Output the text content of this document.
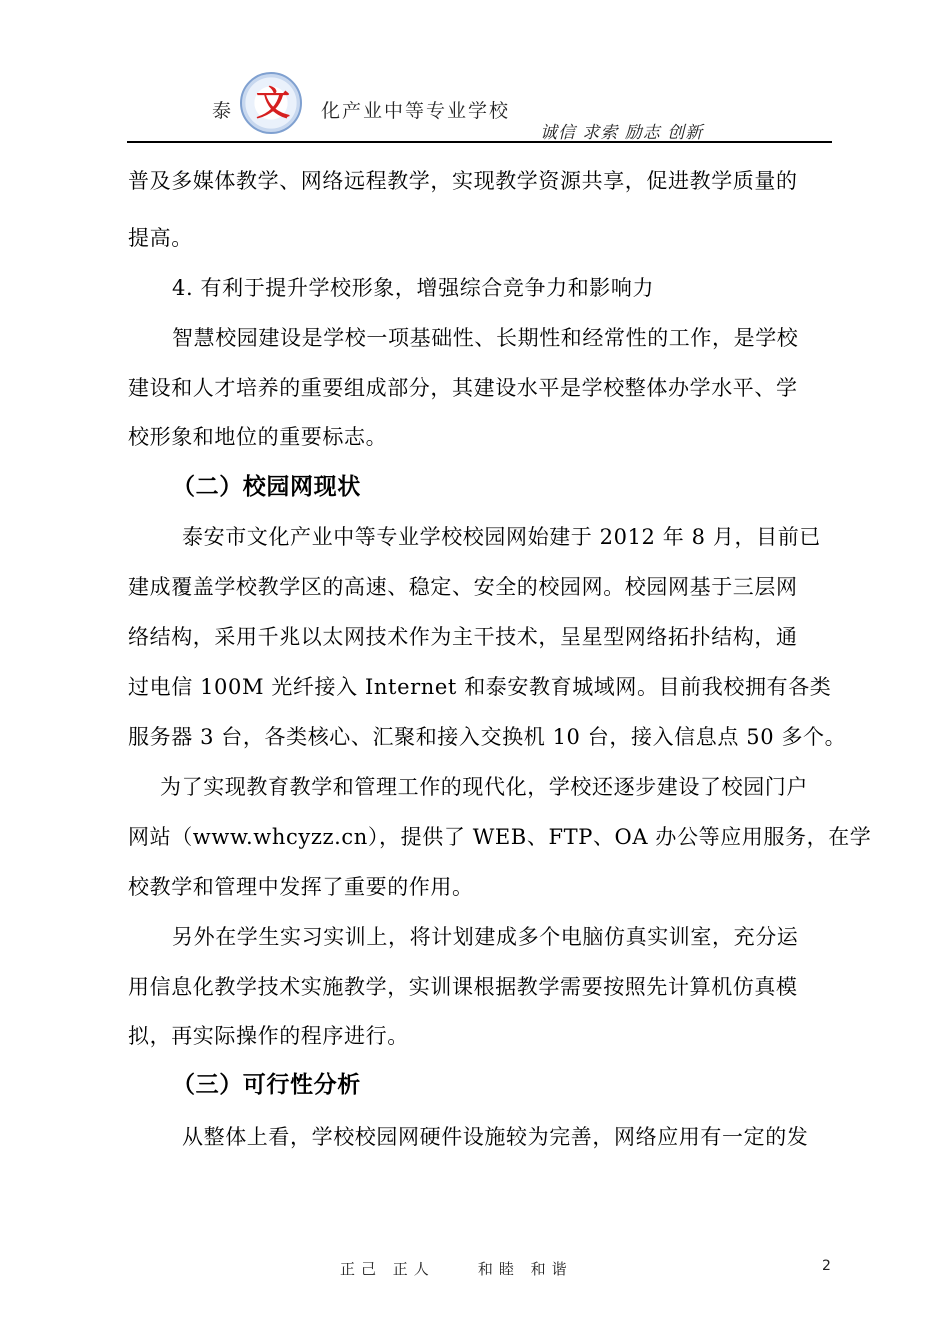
文
泰	化产业中等专业学校
诚信 求索 励志 创新
普及多媒体教学、网络远程教学，实现教学资源共享，促进教学质量的
提高。
4. 有利于提升学校形象，增强综合竞争力和影响力
智慧校园建设是学校一项基础性、长期性和经常性的工作，是学校
建设和人才培养的重要组成部分，其建设水平是学校整体办学水平、学
校形象和地位的重要标志。
（二）校园网现状
泰安市文化产业中等专业学校校园网始建于 2012 年 8 月，目前已
建成覆盖学校教学区的高速、稳定、安全的校园网。校园网基于三层网
络结构，采用千兆以太网技术作为主干技术，呈星型网络拓扑结构，通
过电信 100M 光纤接入 Internet 和泰安教育城域网。目前我校拥有各类
服务器 3 台，各类核心、汇聚和接入交换机 10 台，接入信息点 50 多个。
为了实现教育教学和管理工作的现代化，学校还逐步建设了校园门户
网站（www.whcyzz.cn），提供了 WEB、FTP、OA 办公等应用服务，在学
校教学和管理中发挥了重要的作用。
另外在学生实习实训上，将计划建成多个电脑仿真实训室，充分运
用信息化教学技术实施教学，实训课根据教学需要按照先计算机仿真模
拟，再实际操作的程序进行。
（三）可行性分析
从整体上看，学校校园网硬件设施较为完善，网络应用有一定的发
正己 正人    和睦 和谐	2
